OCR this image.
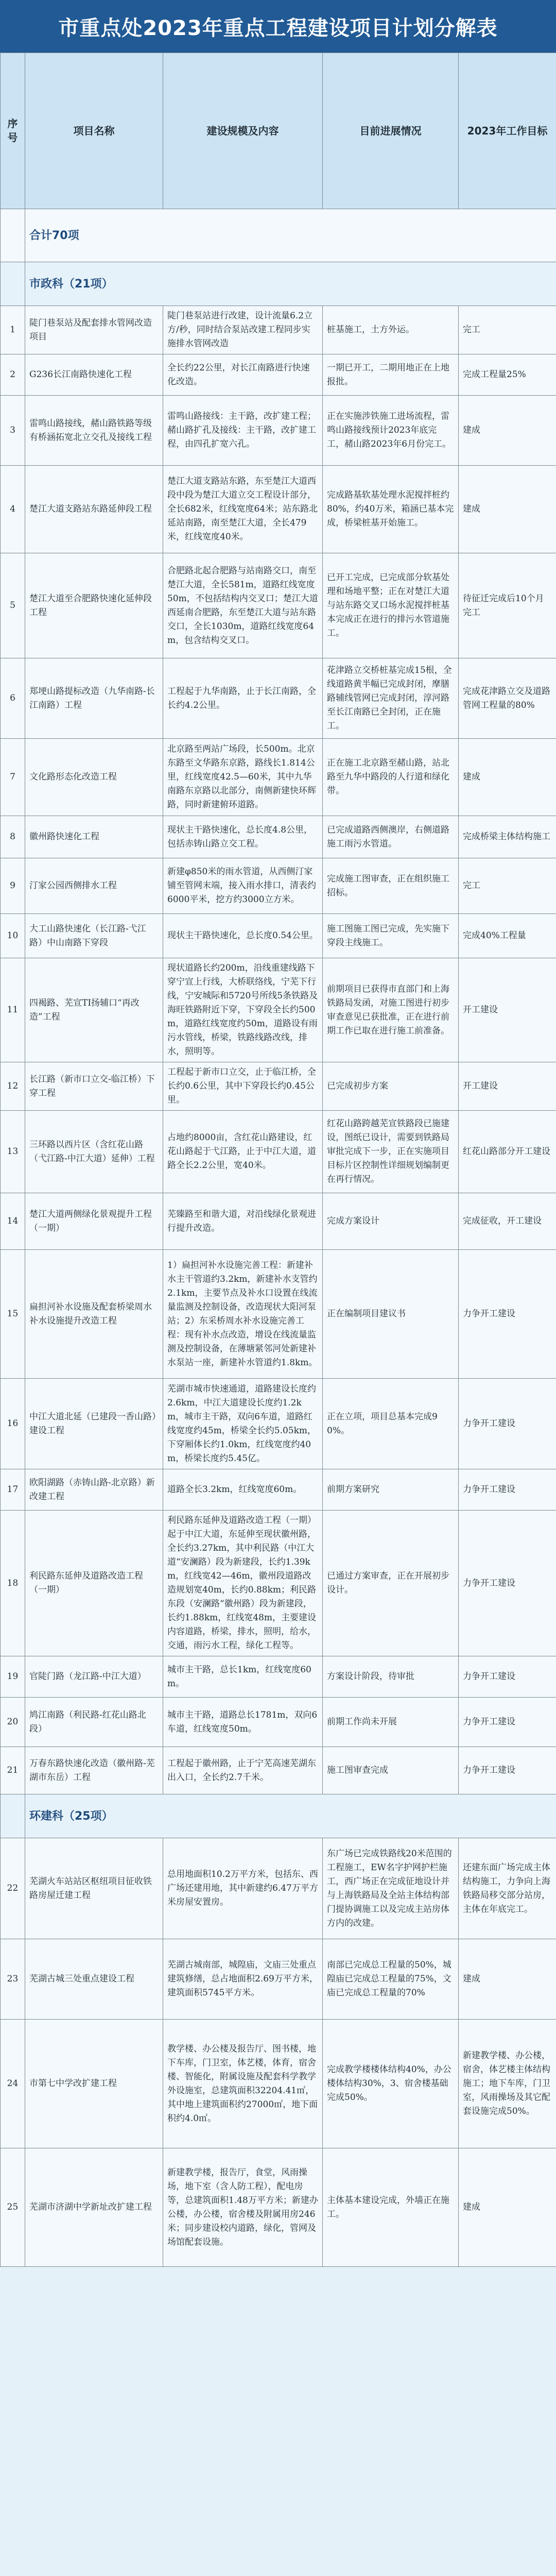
市重点处2023年重点工程建设项目计划分解表
序号	项目名称	建设规模及内容	目前进展情况	2023年工作目标
	合计70项			
	市政科（21项）			
1	陡门巷泵站及配套排水管网改造项目	陡门巷泵站进行改建，设计流量6.2立方/秒，同时结合泵站改建工程同步实施排水管网改造	桩基施工，土方外运。	完工
2	G236长江南路快速化工程	全长约22公里，对长江南路进行快速化改造。	一期已开工，二期用地正在上地报批。	完成工程量25%
3	雷鸣山路接线，赭山路铁路等级有桥涵拓宽北立交孔及接线工程	雷鸣山路接线：主干路，改扩建工程；赭山路扩孔及接线：主干路，改扩建工程，由四孔扩宽六孔。	正在实施涉铁施工进场流程，雷鸣山路接线预计2023年底完工，赭山路2023年6月份完工。	建成
4	楚江大道支路站东路延伸段工程	楚江大道支路站东路，东至楚江大道西段中段为楚江大道立交工程设计部分，全长682米，红线宽度64米；站东路北延站南路，南至楚江大道，全长479米，红线宽度40米。	完成路基软基处理水泥搅拌桩约80%，约40万米，箱涵已基本完成，桥梁桩基开始施工。	建成
5	楚江大道至合肥路快速化延伸段工程	合肥路北起合肥路与站南路交口，南至楚江大道，全长581m，道路红线宽度50m，不包括结构内交叉口；楚江大道西延南合肥路，东至楚江大道与站东路交口，全长1030m，道路红线宽度64m，包含结构交叉口。	已开工完成，已完成部分软基处理和场地平整；正在对楚江大道与站东路交叉口场水泥搅拌桩基本完成正在进行的排污水管道施工。	待征迁完成后10个月完工
6	郑埂山路提标改造（九华南路-长江南路）工程	工程起于九华南路，止于长江南路，全长约4.2公里。	花津路立交桥桩基完成15根，全线道路黄半幅已完成封闭，摩膳路辅线管网已完成封闭，淳河路至长江南路已全封闭，正在施工。	完成花津路立交及道路管网工程量的80%
7	文化路形态化改造工程	北京路至两站广场段，长500m。北京东路至文华路东京路，路线长1.814公里，红线宽度42.5—60米，其中九华南路东京路以北部分，南侧新建快环辉路，同时新建俯环道路。	正在施工北京路至赭山路，站北路至九华中路段的人行道和绿化带。	建成
8	徽州路快速化工程	现状主干路快速化，总长度4.8公里，包括赤铸山路立交工程。	已完成道路西侧澳岸，右侧道路施工雨污水管道。	完成桥梁主体结构施工
9	汀家公园西侧排水工程	新建φ850米的雨水管道，从西侧汀家铺至管网末端，接入雨水排口，清表约6000平米，挖方约3000立方米。	完成施工图审查，正在组织施工招标。	完工
10	大工山路快速化（长江路-弋江路）中山南路下穿段	现状主干路快速化，总长度0.54公里。	施工图施工图已完成，先实施下穿段主线施工。	完成40%工程量
11	四褐路、芜宣TI扬辅口“再改造”工程	现状道路长约200m，沿线重建线路下穿宁宣上行线，大桥联络线，宁芜下行线，宁安城际和5720号所线5条铁路及海旺铁路附近下穿，下穿段全长约500m，道路红线宽度约50m，道路设有雨污水管线，桥梁，铁路线路改线，排水，照明等。	前期项目已获得市直部门和上海铁路局发函，对施工图进行初步审查意见已获批准，正在进行前期工作已取在进行施工前准备。	开工建设
12	长江路（新市口立交-临江桥）下穿工程	工程起于新市口立交，止于临江桥，全长约0.6公里，其中下穿段长约0.45公里。	已完成初步方案	开工建设
13	三环路以西片区（含红花山路（弋江路-中江大道）延伸）工程	占地约8000亩，含红花山路建设，红花山路起于弋江路，止于中江大道，道路全长2.2公里，宽40米。	红花山路跨越芜宣铁路段已施建设，图纸已设计，需要到铁路局审批完成下一步，正在实施项目目标片区控制性详细规划编制更在再行情况。	红花山路部分开工建设
14	楚江大道两侧绿化景观提升工程（一期）	芜臻路至和谐大道，对沿线绿化景观进行提升改造。	完成方案设计	完成征收，开工建设
15	扁担河补水设施及配套桥梁周水补水设施提升改造工程	1）扁担河补水设施完善工程：新建补水主干管道约3.2km，新建补水支管约2.1km，主要节点及补水口设置在线流量监测及控制设备，改造现状大阳河泵站；2）东采桥周水补水设施完善工程：现有补水点改造，增设在线流量监测及控制设备，在薄塘紧邻河处新建补水泵站一座，新建补水管道约1.8km。	正在编制项目建议书	力争开工建设
16	中江大道北延（已建段一香山路）建设工程	芜湖市城市快速通道，道路建设长度约2.6km，中江大道建设长度约1.2km，城市主干路，双向6车道，道路红线宽度约45m，桥梁全长约5.05km，下穿厢体长约1.0km，红线宽度约40m，桥梁长度约5.45亿。	正在立项，项目总基本完成90%。	力争开工建设
17	欧阳湖路（赤铸山路-北京路）新改建工程	道路全长3.2km，红线宽度60m。	前期方案研究	力争开工建设
18	利民路东延伸及道路改造工程（一期）	利民路东延伸及道路改造工程（一期）起于中江大道，东延伸至现状徽州路，全长约3.27km，其中利民路（中江大道“安澜路）段为新建段，长约1.39km，红线宽42—46m，徽州段道路改造规划宽40m，长约0.88km；利民路东段（安澜路“徽州路）段为新建段，长约1.88km，红线宽48m，主要建设内容道路，桥梁，排水，照明，给水，交通，雨污水工程，绿化工程等。	已通过方案审查，正在开展初步设计。	力争开工建设
19	官陡门路（龙江路-中江大道）	城市主干路，总长1km，红线宽度60m。	方案设计阶段，待审批	力争开工建设
20	鸠江南路（利民路-红花山路北段）	城市主干路，道路总长1781m，双向6车道，红线宽度50m。	前期工作尚未开展	力争开工建设
21	万春东路快速化改造（徽州路-芜湖市东岳）工程	工程起于徽州路，止于宁芜高速芜湖东出入口，全长约2.7千米。	施工图审查完成	力争开工建设
	环建科（25项）			
22	芜湖火车站站区枢纽项目征收铁路房屋迁建工程	总用地面积10.2万平方米，包括东、西广场还建用地，其中新建约6.47万平方米房屋安置房。	东广场已完成铁路线20米范围的工程施工，EW名字护网护栏施工，西广场正在完成征地设计并与上海铁路局及全站主体结构部门提协调施工以及完成主站房体方内的改建。	还建东面广场完成主体结构施工，力争向上海铁路局移交部分站房，主体在年底完工。
23	芜湖古城三处重点建设工程	芜湖古城南部，城隍庙，文庙三处重点建筑修缮，总占地面积2.69万平方米，建筑面积5745平方米。	南部已完成总工程量的50%，城隍庙已完成总工程量的75%，文庙已完成总工程量的70%	建成
24	市第七中学改扩建工程	教学楼、办公楼及报告厅、图书楼，地下车库，门卫室，体艺楼，体育，宿舍楼、智能化，附属设施及配套科学教学外设施室，总建筑面积32204.41㎡，其中地上建筑面积约27000㎡，地下面积约4.0㎡。	完成教学楼楼体结构40%，办公楼体结构30%，3、宿舍楼基础完成50%。	新建教学楼、办公楼，宿舍，体艺楼主体结构施工；地下车库，门卫室，风雨操场及其它配套设施完成50%。
25	芜湖市济湖中学新址改扩建工程	新建教学楼，报告厅，食堂，风雨操场，地下室（含人防工程），配电房等，总建筑面积1.48万平方米；新建办公楼，办公楼，宿舍楼及附属用房246米；同步建设校内道路，绿化，管网及场馆配套设施。	主体基本建设完成，外墙正在施工。	建成
